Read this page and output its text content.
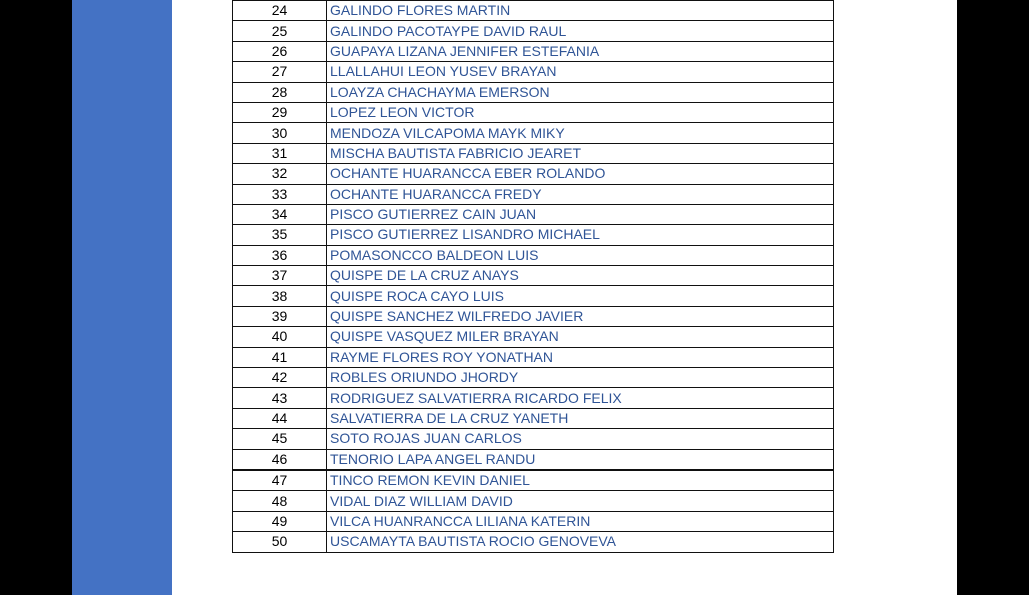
24	GALINDO FLORES MARTIN
25	GALINDO PACOTAYPE DAVID RAUL
26	GUAPAYA LIZANA JENNIFER ESTEFANIA
27	LLALLAHUI LEON YUSEV BRAYAN
28	LOAYZA CHACHAYMA EMERSON
29	LOPEZ LEON VICTOR
30	MENDOZA VILCAPOMA MAYK MIKY
31	MISCHA BAUTISTA FABRICIO JEARET
32	OCHANTE HUARANCCA EBER ROLANDO
33	OCHANTE HUARANCCA FREDY
34	PISCO GUTIERREZ CAIN JUAN
35	PISCO GUTIERREZ LISANDRO MICHAEL
36	POMASONCCO BALDEON LUIS
37	QUISPE DE LA CRUZ ANAYS
38	QUISPE ROCA CAYO LUIS
39	QUISPE SANCHEZ WILFREDO JAVIER
40	QUISPE VASQUEZ MILER BRAYAN
41	RAYME FLORES ROY YONATHAN
42	ROBLES ORIUNDO JHORDY
43	RODRIGUEZ SALVATIERRA RICARDO FELIX
44	SALVATIERRA DE LA CRUZ YANETH
45	SOTO ROJAS JUAN CARLOS
46	TENORIO LAPA ANGEL RANDU
47	TINCO REMON KEVIN DANIEL
48	VIDAL DIAZ WILLIAM DAVID
49	VILCA HUANRANCCA LILIANA KATERIN
50	USCAMAYTA BAUTISTA ROCIO GENOVEVA
